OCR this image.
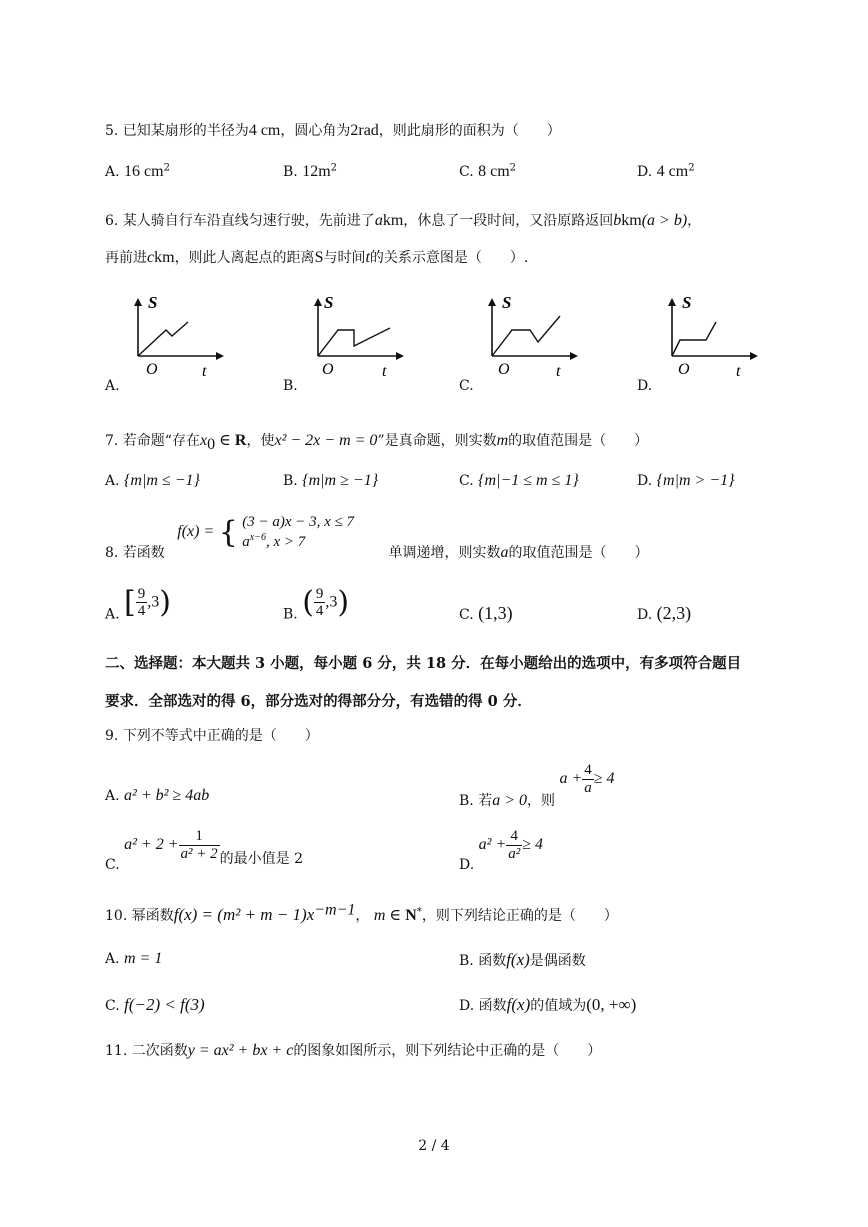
5. 已知某扇形的半径为4 cm，圆心角为2rad，则此扇形的面积为（　　）
A. 16 $cm^2$	B. $12m^2$	C. 8 $cm^2$	D. 4 $cm^2$
6. 某人骑自行车沿直线匀速行驶，先前进了akm，休息了一段时间，又沿原路返回bkm(a > b)，
再前进ckm，则此人离起点的距离S与时间t的关系示意图是（　　）.
S
O	t
A.
S
O	t
B.
S
O	t
C.
S
O	t
D.
7. 若命题“存在$x_0$ ∈ R，使x² − 2x − m = 0”是真命题，则实数m的取值范围是（　　）
A. {m|m ≤ −1}	B. {m|m ≥ −1}	C. {m|−1 ≤ m ≤ 1}	D. {m|m > −1}
8. 若函数 f(x) = { (3 − a)x − 3, x ≤ 7
$a^{x-6}$, x > 7
单调递增，则实数a的取值范围是（　　）
A. [ $\frac{9}{4} ,3$)	B. ( $\frac{9}{4} ,3$)	C. (1,3)	D. (2,3)
二、选择题：本大题共 3 小题，每小题 6 分，共 18 分．在每小题给出的选项中，有多项符合题目
要求．全部选对的得 6，部分选对的得部分分，有选错的得 0 分．
9. 下列不等式中正确的是（　　）
A. a² + b² ≥ 4ab	B. 若a > 0，则 $a + \frac{4}{a} \ge 4$
C. $a^2 + 2 + \frac{1}{\text{a² + 2}}$ 的最小值是 2	D. $a^2 + \frac{4}{\text{a²}} \ge 4$
10. 幂函数$f(x) = (m^2 + m - 1)x^{-m-1}$， m ∈ N*，则下列结论正确的是（　　）
A. m = 1	B. 函数f(x)是偶函数
C. f(−2) < f(3)	D. 函数f(x)的值域为(0, +∞)
11. 二次函数y = ax² + bx + c的图象如图所示，则下列结论中正确的是（　　）
2 / 4
